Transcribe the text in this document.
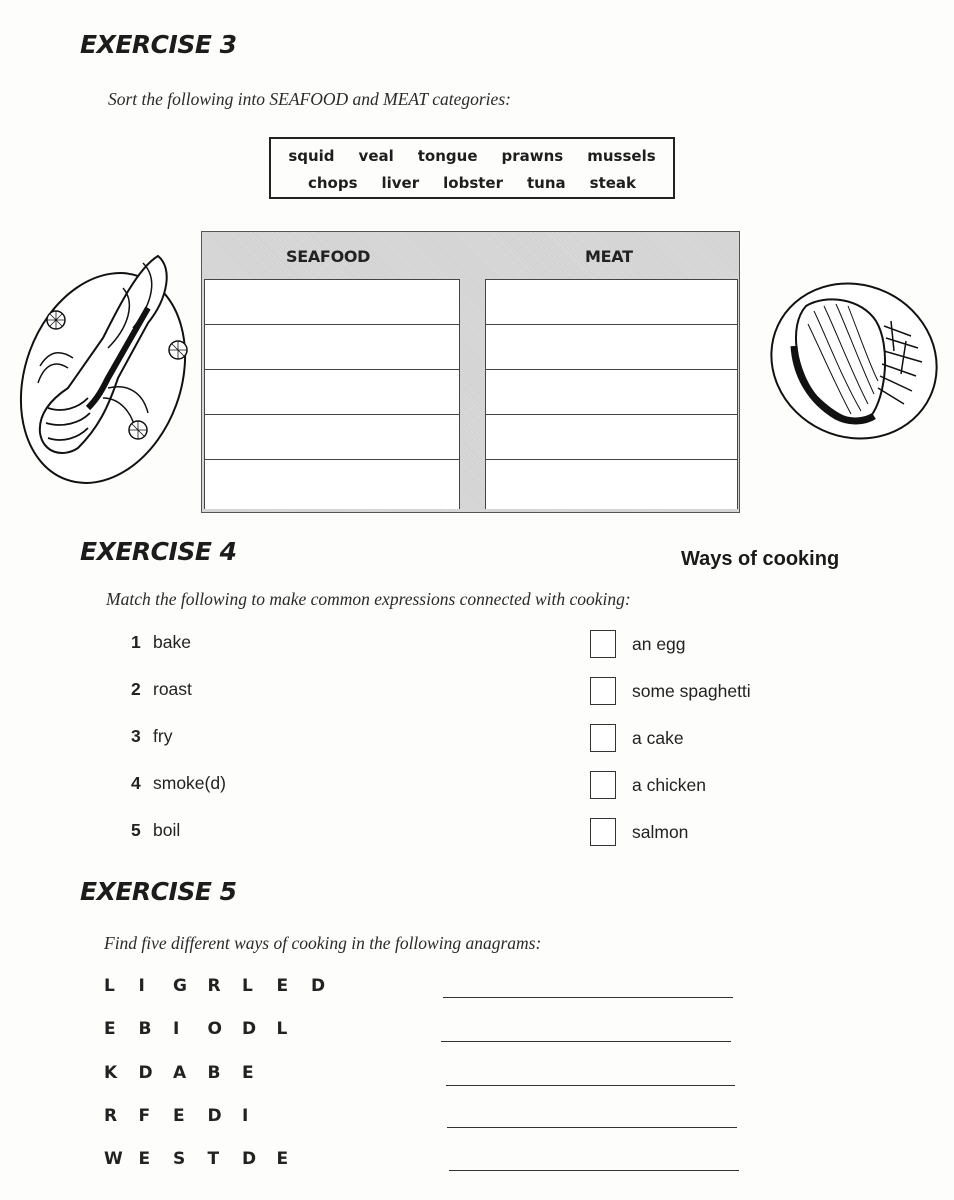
EXERCISE 3
Sort the following into SEAFOOD and MEAT categories:
squid veal tongue prawns mussels
chops liver lobster tuna steak
SEAFOOD	MEAT
EXERCISE 4	Ways of cooking
Match the following to make common expressions connected with cooking:
1 bake
2 roast
3 fry
4 smoke(d)
5 boil
an egg
some spaghetti
a cake
a chicken
salmon
EXERCISE 5
Find five different ways of cooking in the following anagrams:
L I G R L E D
E B I O D L
K D A B E
R F E D I
W E S T D E
